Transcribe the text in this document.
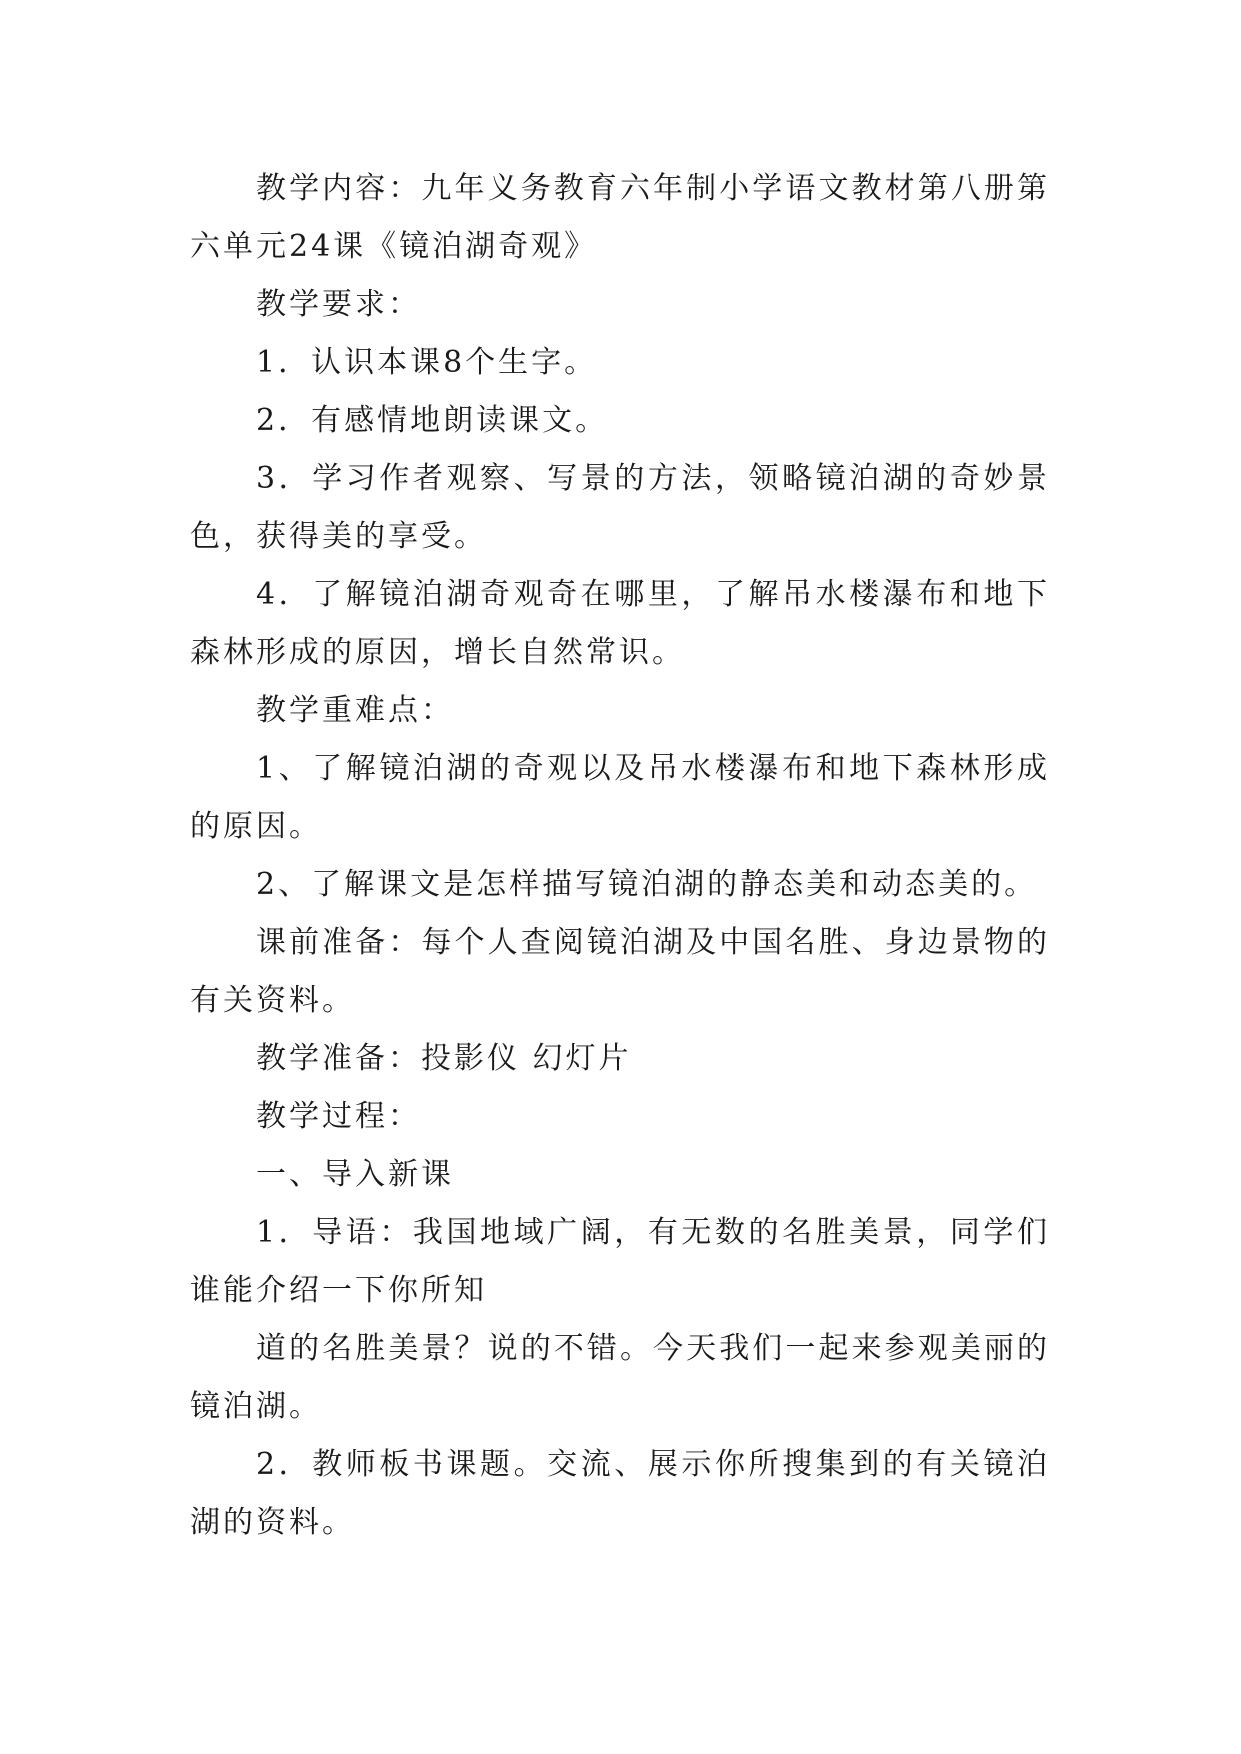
教学内容：九年义务教育六年制小学语文教材第八册第六单元24课《镜泊湖奇观》

教学要求：

1．认识本课8个生字。

2．有感情地朗读课文。

3．学习作者观察、写景的方法，领略镜泊湖的奇妙景色，获得美的享受。

4．了解镜泊湖奇观奇在哪里，了解吊水楼瀑布和地下森林形成的原因，增长自然常识。

教学重难点：

1、了解镜泊湖的奇观以及吊水楼瀑布和地下森林形成的原因。

2、了解课文是怎样描写镜泊湖的静态美和动态美的。

课前准备：每个人查阅镜泊湖及中国名胜、身边景物的有关资料。

教学准备：投影仪 幻灯片

教学过程：

一、导入新课

1．导语：我国地域广阔，有无数的名胜美景，同学们谁能介绍一下你所知

道的名胜美景？说的不错。今天我们一起来参观美丽的镜泊湖。

2．教师板书课题。交流、展示你所搜集到的有关镜泊湖的资料。
